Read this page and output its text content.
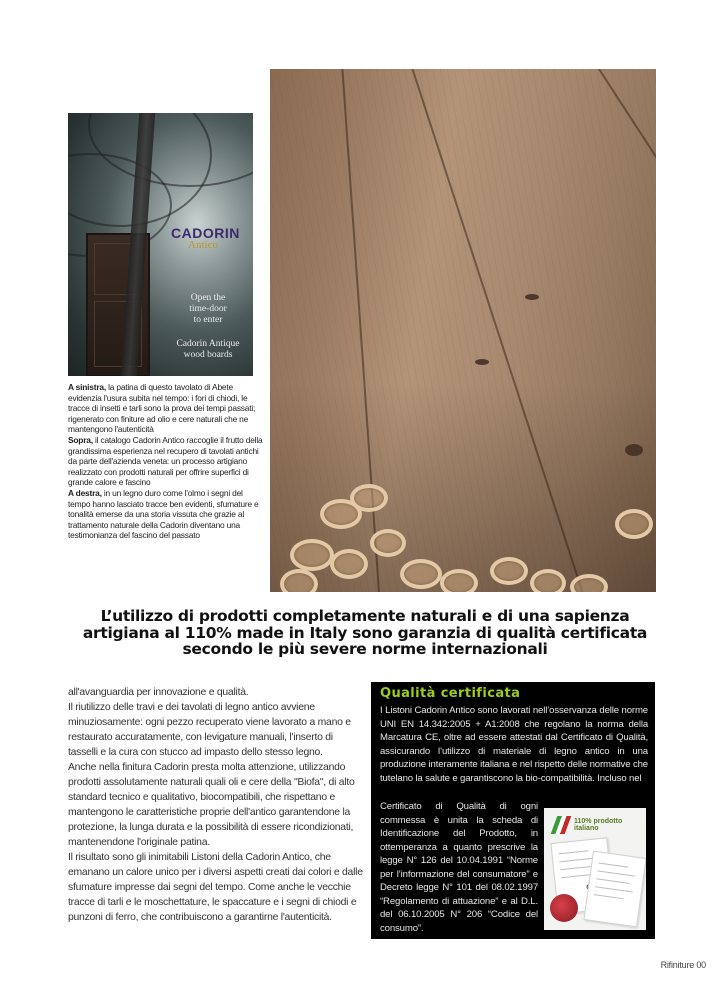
CADORIN
Antico
Open the
time-door
to enter
Cadorin Antique
wood boards

A sinistra, la patina di questo tavolato di Abete evidenzia l'usura subita nel tempo: i fori di chiodi, le tracce di insetti e tarli sono la prova dei tempi passati; rigenerato con finiture ad olio e cere naturali che ne mantengono l'autenticità

Sopra, il catalogo Cadorin Antico raccoglie il frutto della grandissima esperienza nel recupero di tavolati antichi da parte dell'azienda veneta: un processo artigiano realizzato con prodotti naturali per offrire superfici di grande calore e fascino

A destra, in un legno duro come l'olmo i segni del tempo hanno lasciato tracce ben evidenti, sfumature e tonalità emerse da una storia vissuta che grazie al trattamento naturale della Cadorin diventano una testimonianza del fascino del passato

L’utilizzo di prodotti completamente naturali e di una sapienza artigiana al 110% made in Italy sono garanzia di qualità certificata secondo le più severe norme internazionali

all'avanguardia per innovazione e qualità.

Il riutilizzo delle travi e dei tavolati di legno antico avviene minuziosamente: ogni pezzo recuperato viene lavorato a mano e restaurato accuratamente, con levigature manuali, l'inserto di tasselli e la cura con stucco ad impasto dello stesso legno.

Anche nella finitura Cadorin presta molta attenzione, utilizzando prodotti assolutamente naturali quali oli e cere della "Biofa", di alto standard tecnico e qualitativo, biocompatibili, che rispettano e mantengono le caratteristiche proprie dell'antico garantendone la protezione, la lunga durata e la possibilità di essere ricondizionati, mantenendone l'originale patina.

Il risultato sono gli inimitabili Listoni della Cadorin Antico, che emanano un calore unico per i diversi aspetti creati dai colori e dalle sfumature impresse dai segni del tempo. Come anche le vecchie tracce di tarli e le moschettature, le spaccature e i segni di chiodi e punzoni di ferro, che contribuiscono a garantirne l'autenticità.

Qualità certificata

I Listoni Cadorin Antico sono lavorati nell’osservanza delle norme UNI EN 14.342:2005 + A1:2008 che regolano la norma della Marcatura CE, oltre ad essere attestati dal Certificato di Qualità, assicurando l’utilizzo di materiale di legno antico in una produzione interamente italiana e nel rispetto delle normative che tutelano la salute e garantiscono la bio-compatibilità. Incluso nel

Certificato di Qualità di ogni commessa è unita la scheda di Identificazione del Prodotto, in ottemperanza a quanto prescrive la legge N° 126 del 10.04.1991 “Norme per l’informazione del consumatore” e Decreto legge N° 101 del 08.02.1997 “Regolamento di attuazione” e al D.L. del 06.10.2005 N° 206 “Codice del consumo”.

110% prodotto italiano
Rifiniture 00
